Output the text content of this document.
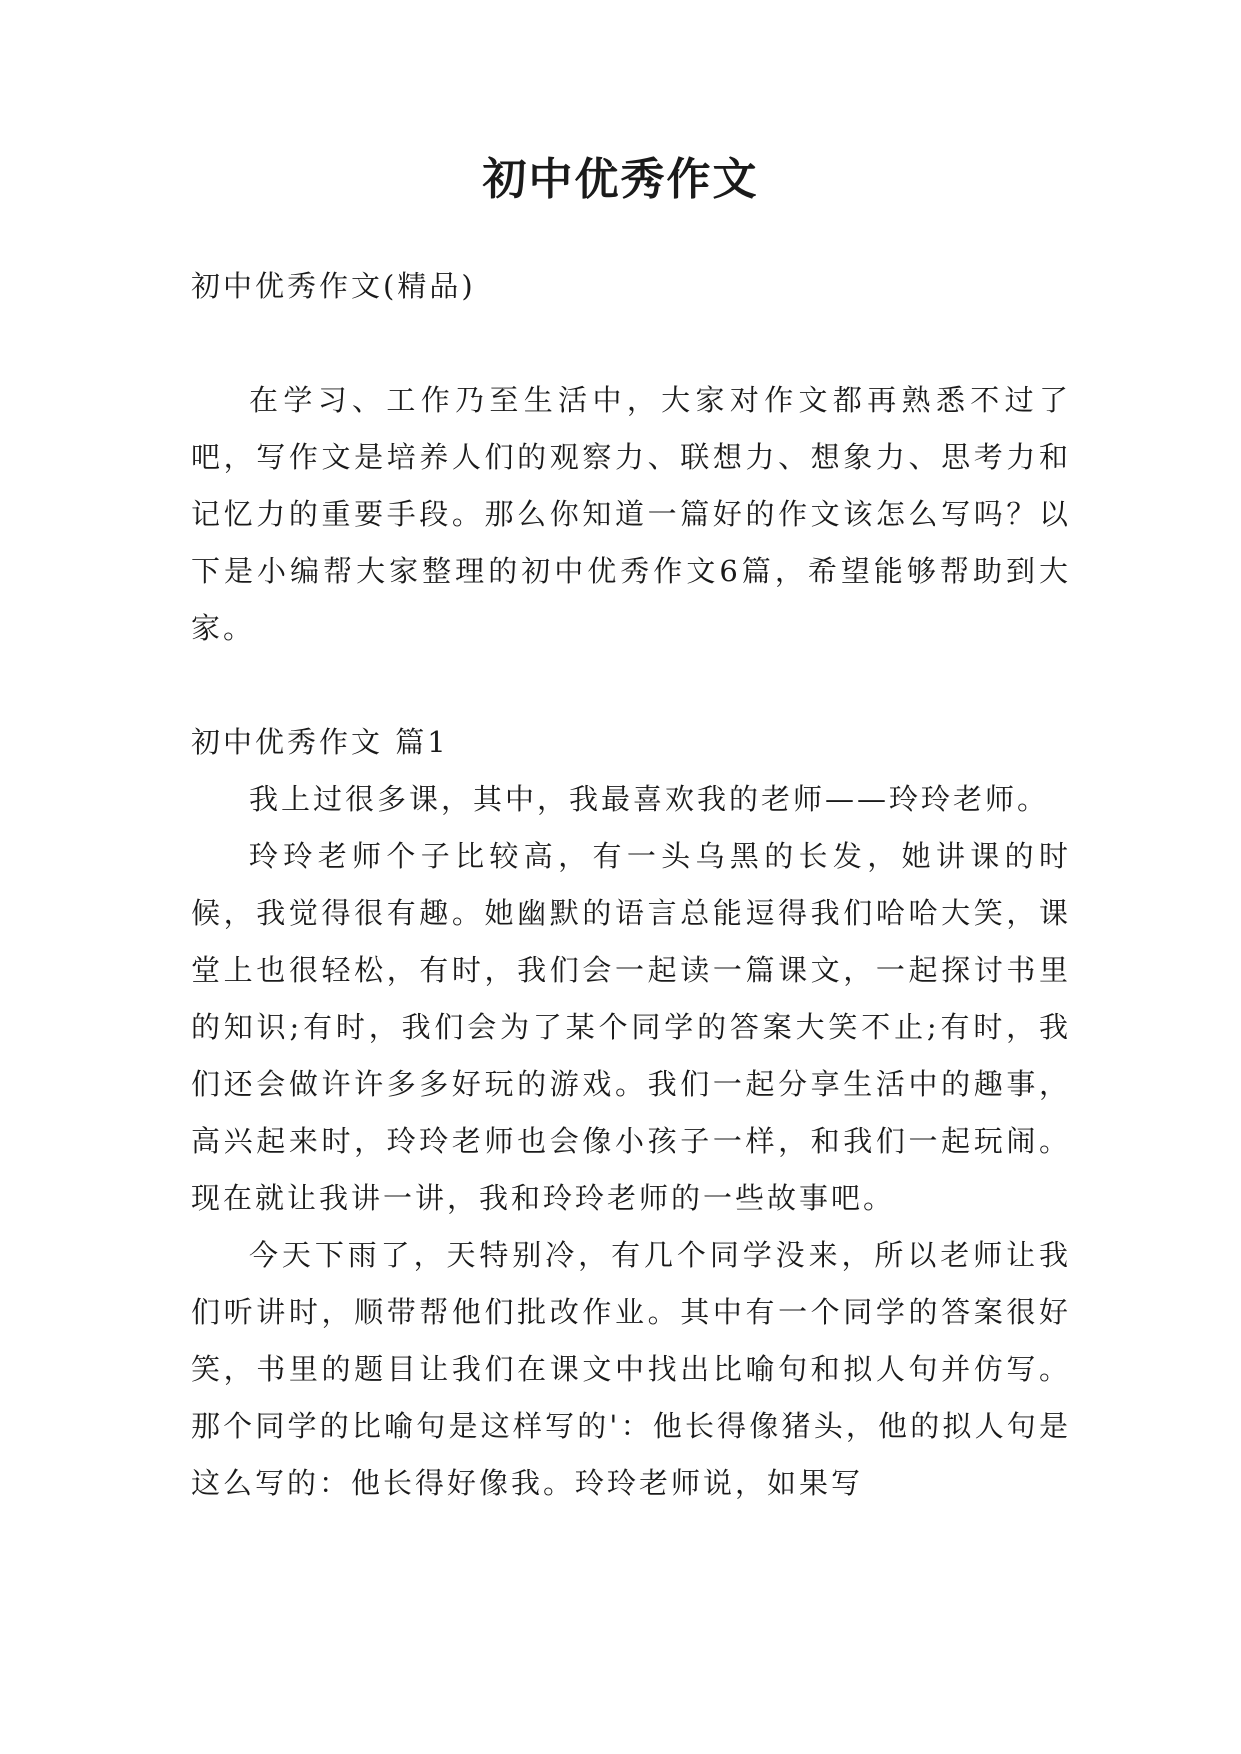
初中优秀作文
初中优秀作文(精品)

在学习、工作乃至生活中，大家对作文都再熟悉不过了吧，写作文是培养人们的观察力、联想力、想象力、思考力和记忆力的重要手段。那么你知道一篇好的作文该怎么写吗？以下是小编帮大家整理的初中优秀作文6篇，希望能够帮助到大家。

初中优秀作文 篇1

我上过很多课，其中，我最喜欢我的老师——玲玲老师。

玲玲老师个子比较高，有一头乌黑的长发，她讲课的时候，我觉得很有趣。她幽默的语言总能逗得我们哈哈大笑，课堂上也很轻松，有时，我们会一起读一篇课文，一起探讨书里的知识;有时，我们会为了某个同学的答案大笑不止;有时，我们还会做许许多多好玩的游戏。我们一起分享生活中的趣事，高兴起来时，玲玲老师也会像小孩子一样，和我们一起玩闹。现在就让我讲一讲，我和玲玲老师的一些故事吧。

今天下雨了，天特别冷，有几个同学没来，所以老师让我们听讲时，顺带帮他们批改作业。其中有一个同学的答案很好笑，书里的题目让我们在课文中找出比喻句和拟人句并仿写。那个同学的比喻句是这样写的'：他长得像猪头，他的拟人句是这么写的：他长得好像我。玲玲老师说，如果写
